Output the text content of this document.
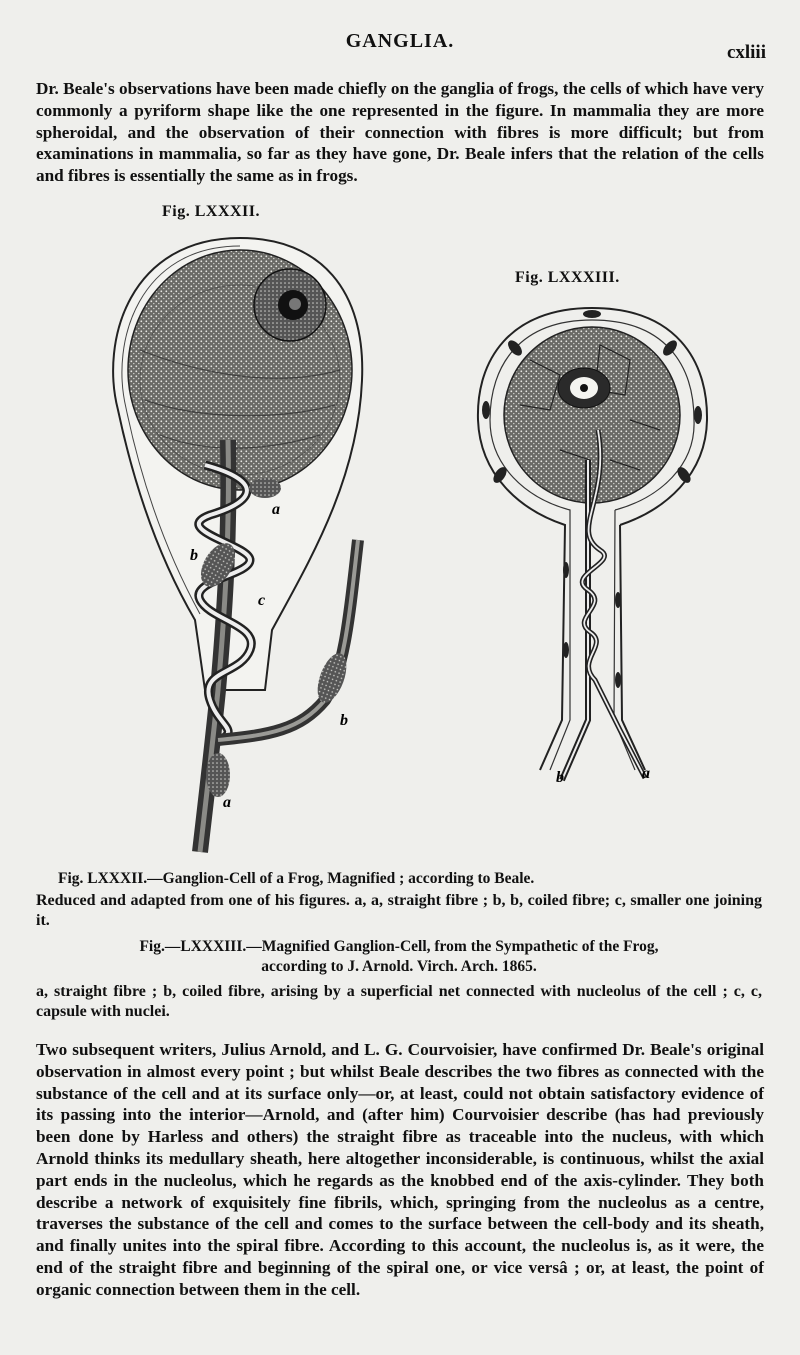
GANGLIA.
cxliii
Dr. Beale's observations have been made chiefly on the ganglia of frogs, the cells of which have very commonly a pyriform shape like the one represented in the figure. In mammalia they are more spheroidal, and the observation of their connection with fibres is more difficult; but from examinations in mammalia, so far as they have gone, Dr. Beale infers that the relation of the cells and fibres is essentially the same as in frogs.
Fig. LXXXII.
Fig. LXXXIII.
a
b
c
b
a
b	a
Fig. LXXXII.—Ganglion-Cell of a Frog, Magnified ; according to Beale.
Reduced and adapted from one of his figures. a, a, straight fibre ; b, b, coiled fibre; c, smaller one joining it.
Fig.—LXXXIII.—Magnified Ganglion-Cell, from the Sympathetic of the Frog,
according to J. Arnold. Virch. Arch. 1865.
a, straight fibre ; b, coiled fibre, arising by a superficial net connected with nucleolus of the cell ; c, c, capsule with nuclei.
Two subsequent writers, Julius Arnold, and L. G. Courvoisier, have confirmed Dr. Beale's original observation in almost every point ; but whilst Beale describes the two fibres as connected with the substance of the cell and at its surface only—or, at least, could not obtain satisfactory evidence of its passing into the interior—Arnold, and (after him) Courvoisier describe (has had previously been done by Harless and others) the straight fibre as traceable into the nucleus, with which Arnold thinks its medullary sheath, here altogether inconsiderable, is continuous, whilst the axial part ends in the nucleolus, which he regards as the knobbed end of the axis-cylinder. They both describe a network of exquisitely fine fibrils, which, springing from the nucleolus as a centre, traverses the substance of the cell and comes to the surface between the cell-body and its sheath, and finally unites into the spiral fibre. According to this account, the nucleolus is, as it were, the end of the straight fibre and beginning of the spiral one, or vice versâ ; or, at least, the point of organic connection between them in the cell.
